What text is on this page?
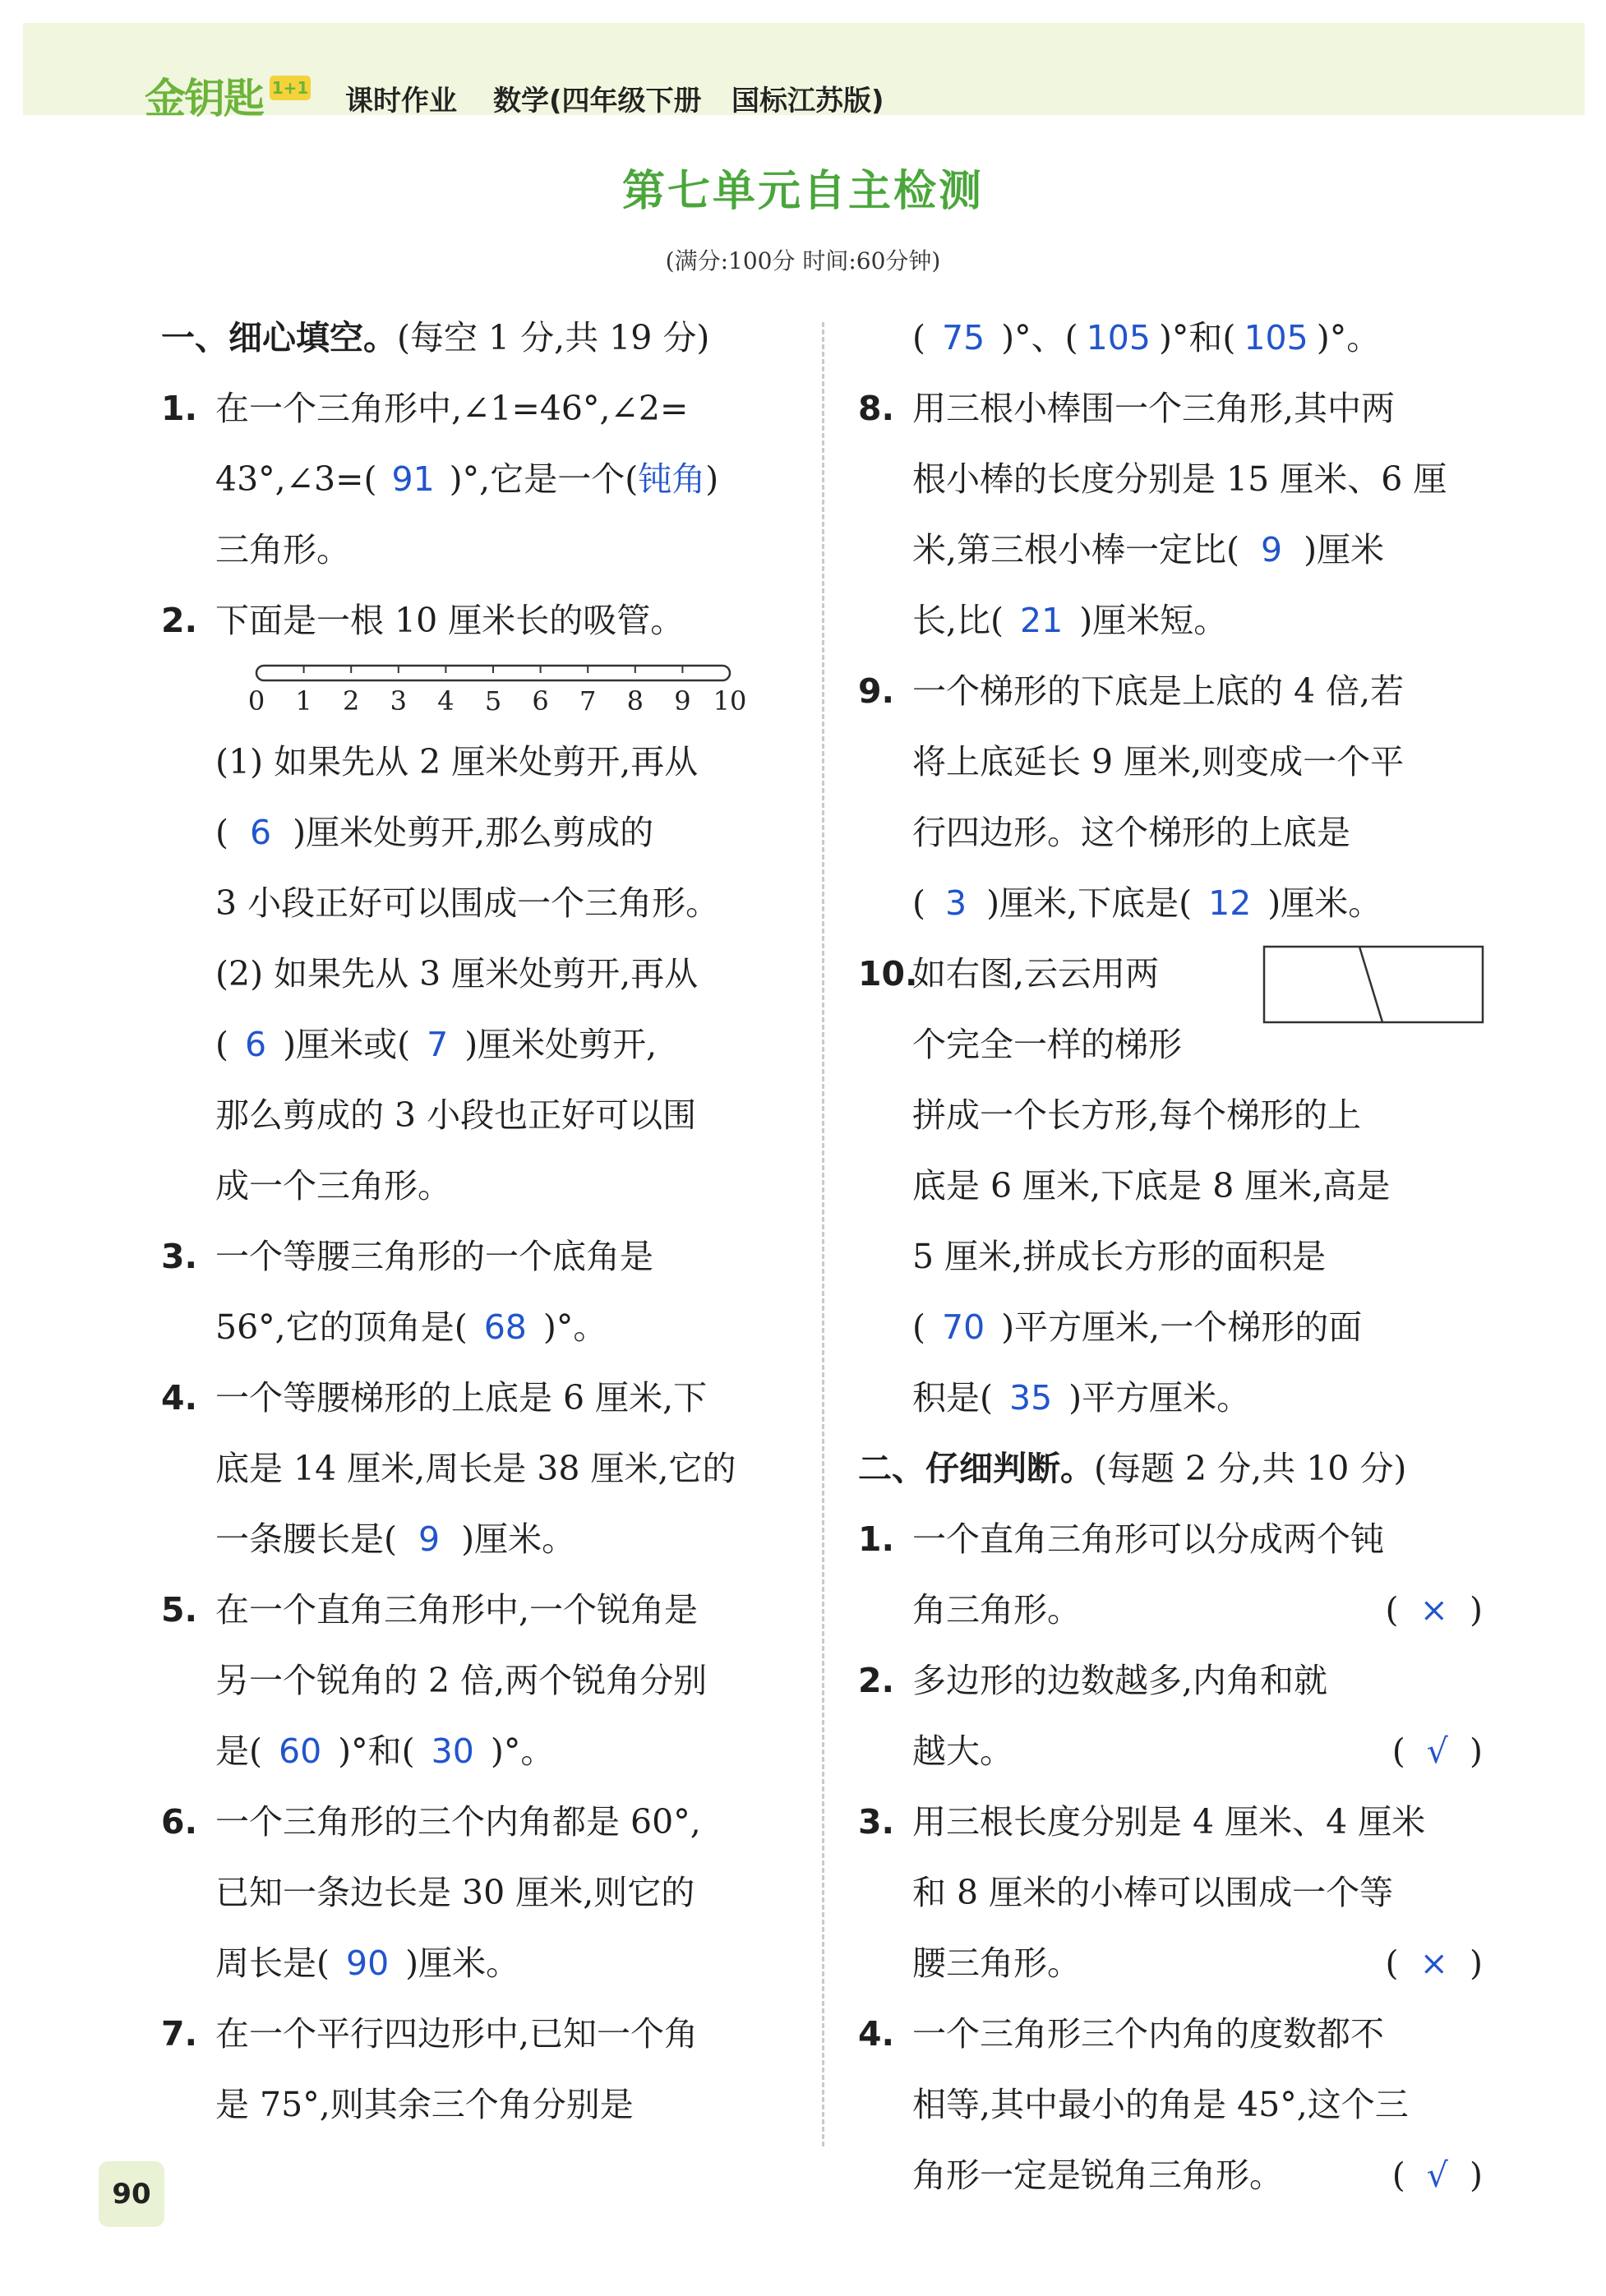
金钥匙 1+1 课时作业 数学(四年级下册 国标江苏版)
第七单元自主检测
(满分:100分 时间:60分钟)
一、细心填空。(每空 1 分,共 19 分)
1. 在一个三角形中,∠1=46°,∠2=
43°,∠3=( 91 )°,它是一个(钝角)
三角形。
2. 下面是一根 10 厘米长的吸管。
0 1 2 3 4 5 6 7 8 9 10
(1) 如果先从 2 厘米处剪开,再从
( 6 )厘米处剪开,那么剪成的
3 小段正好可以围成一个三角形。
(2) 如果先从 3 厘米处剪开,再从
( 6 )厘米或( 7 )厘米处剪开,
那么剪成的 3 小段也正好可以围
成一个三角形。
3. 一个等腰三角形的一个底角是
56°,它的顶角是( 68 )°。
4. 一个等腰梯形的上底是 6 厘米,下
底是 14 厘米,周长是 38 厘米,它的
一条腰长是( 9 )厘米。
5. 在一个直角三角形中,一个锐角是
另一个锐角的 2 倍,两个锐角分别
是( 60 )°和( 30 )°。
6. 一个三角形的三个内角都是 60°,
已知一条边长是 30 厘米,则它的
周长是( 90 )厘米。
7. 在一个平行四边形中,已知一个角
是 75°,则其余三个角分别是
( 75 )°、( 105 )°和( 105 )°。
8. 用三根小棒围一个三角形,其中两
根小棒的长度分别是 15 厘米、6 厘
米,第三根小棒一定比( 9 )厘米
长,比( 21 )厘米短。
9. 一个梯形的下底是上底的 4 倍,若
将上底延长 9 厘米,则变成一个平
行四边形。这个梯形的上底是
( 3 )厘米,下底是( 12 )厘米。
10.如右图,云云用两
个完全一样的梯形
拼成一个长方形,每个梯形的上
底是 6 厘米,下底是 8 厘米,高是
5 厘米,拼成长方形的面积是
( 70 )平方厘米,一个梯形的面
积是( 35 )平方厘米。
二、仔细判断。(每题 2 分,共 10 分)
1. 一个直角三角形可以分成两个钝
角三角形。	(  ×  )
2. 多边形的边数越多,内角和就
越大。	(  √  )
3. 用三根长度分别是 4 厘米、4 厘米
和 8 厘米的小棒可以围成一个等
腰三角形。	(  ×  )
4. 一个三角形三个内角的度数都不
相等,其中最小的角是 45°,这个三
角形一定是锐角三角形。	(  √  )
90
